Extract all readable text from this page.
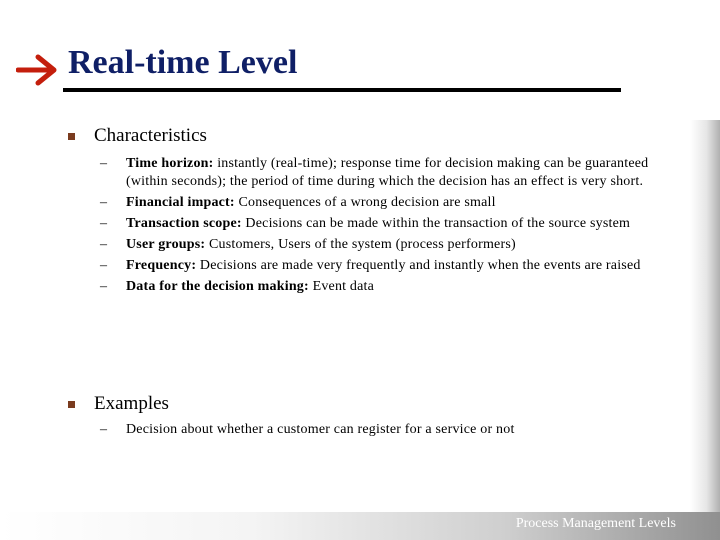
Real-time Level
Characteristics
– Time horizon: instantly (real-time); response time for decision making can be guaranteed (within seconds); the period of time during which the decision has an effect is very short.
– Financial impact: Consequences of a wrong decision are small
– Transaction scope: Decisions can be made within the transaction of the source system
– User groups: Customers, Users of the system (process performers)
– Frequency: Decisions are made very frequently and instantly when the events are raised
– Data for the decision making: Event data
Examples
– Decision about whether a customer can register for a service or not
Process Management Levels
